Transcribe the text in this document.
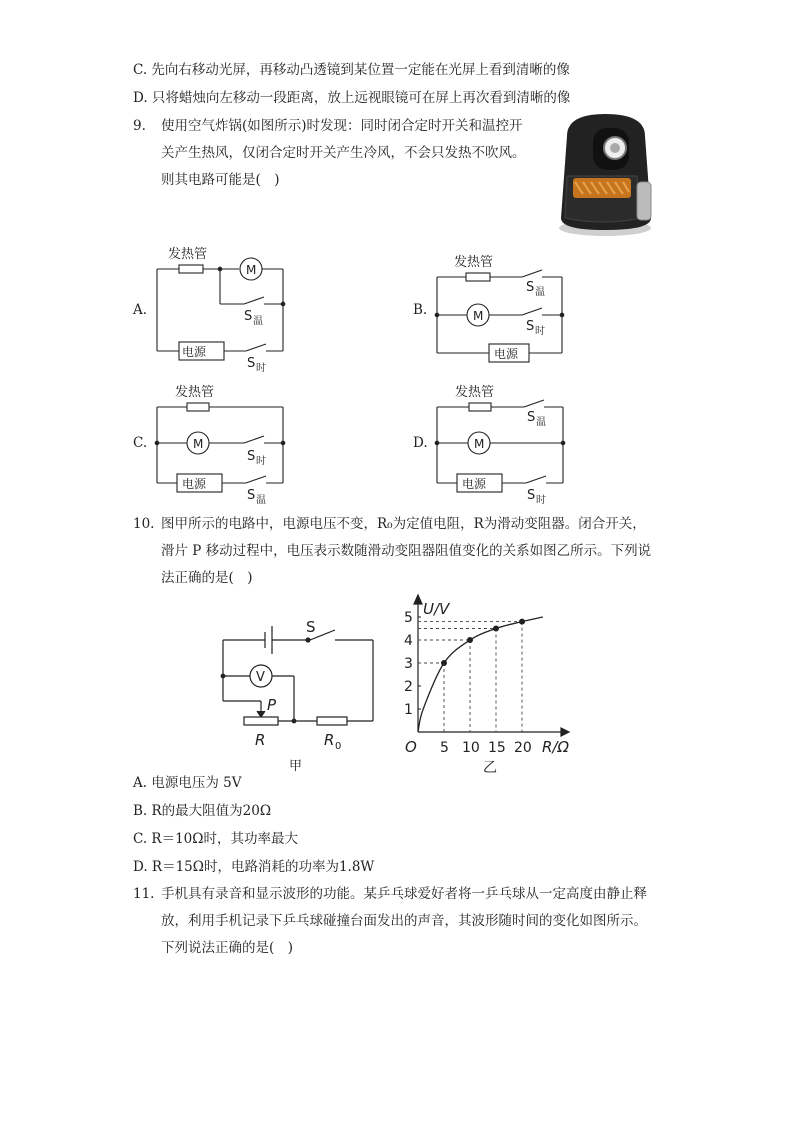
C. 先向右移动光屏，再移动凸透镜到某位置一定能在光屏上看到清晰的像
D. 只将蜡烛向左移动一段距离，放上远视眼镜可在屏上再次看到清晰的像
9. 使用空气炸锅(如图所示)时发现：同时闭合定时开关和温控开
关产生热风，仅闭合定时开关产生冷风，不会只发热不吹风。
则其电路可能是(　)
A.
发热管
M
电源
S 温
S 时
B.
发热管
M
电源
S 温
S 时
C.
发热管
M
电源
S 时
S 温
D.
发热管
M
电源
S 温
S 时
10. 图甲所示的电路中，电源电压不变，R₀为定值电阻，R为滑动变阻器。闭合开关，
滑片 P 移动过程中，电压表示数随滑动变阻器阻值变化的关系如图乙所示。下列说
法正确的是(　)
S
V
P
R	R 0
甲
1
2
3
4
5
5 10 15 20
U/V
R/Ω
O
乙
A. 电源电压为 5V
B. R的最大阻值为20Ω
C. R＝10Ω时，其功率最大
D. R＝15Ω时，电路消耗的功率为1.8W
11. 手机具有录音和显示波形的功能。某乒乓球爱好者将一乒乓球从一定高度由静止释
放，利用手机记录下乒乓球碰撞台面发出的声音，其波形随时间的变化如图所示。
下列说法正确的是(　)
